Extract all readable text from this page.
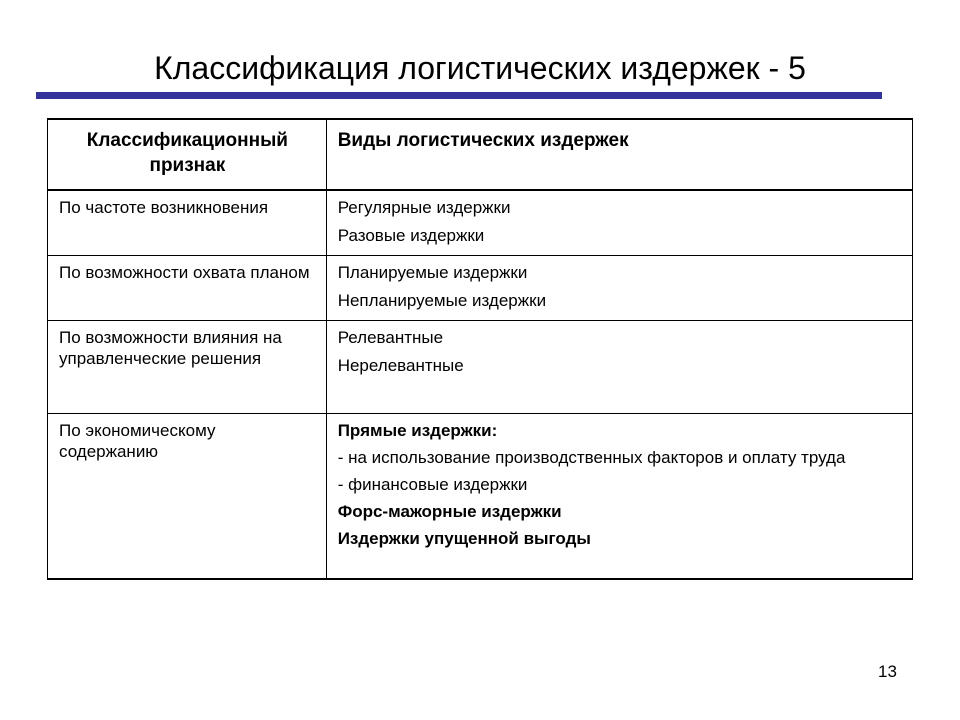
Классификация логистических издержек - 5
Классификационный признак	Виды логистических издержек
По частоте возникновения	Регулярные издержки
Разовые издержки

По возможности охвата планом	Планируемые издержки
Непланируемые издержки

По возможности влияния на управленческие решения	Релевантные
Нерелевантные

По экономическому содержанию	Прямые издержки:
- на использование производственных факторов и оплату труда
- финансовые издержки
Форс-мажорные издержки
Издержки упущенной выгоды
13
